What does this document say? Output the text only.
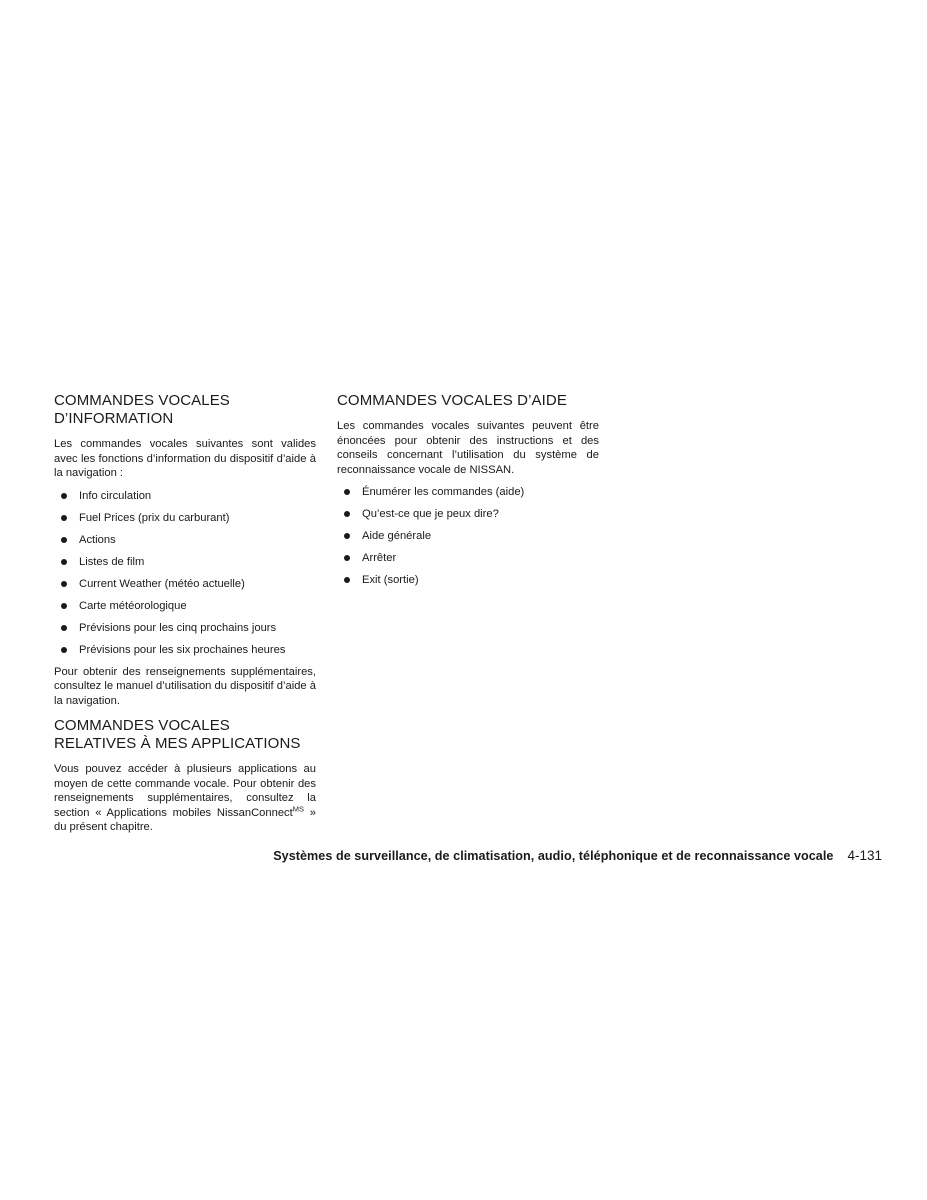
COMMANDES VOCALES
D’INFORMATION

Les commandes vocales suivantes sont valides avec les fonctions d’information du dispositif d’aide à la navigation :

Info circulation
Fuel Prices (prix du carburant)
Actions
Listes de film
Current Weather (météo actuelle)
Carte météorologique
Prévisions pour les cinq prochains jours
Prévisions pour les six prochaines heures

Pour obtenir des renseignements supplémentaires, consultez le manuel d’utilisation du dispositif d’aide à la navigation.

COMMANDES VOCALES
RELATIVES À MES APPLICATIONS

Vous pouvez accéder à plusieurs applications au moyen de cette commande vocale. Pour obtenir des renseignements supplémentaires, consultez la section « Applications mobiles NissanConnect$^{MS}$ » du présent chapitre.

COMMANDES VOCALES D’AIDE

Les commandes vocales suivantes peuvent être énoncées pour obtenir des instructions et des conseils concernant l’utilisation du système de reconnaissance vocale de NISSAN.

Énumérer les commandes (aide)
Qu’est-ce que je peux dire?
Aide générale
Arrêter
Exit (sortie)
Systèmes de surveillance, de climatisation, audio, téléphonique et de reconnaissance vocale 4-131
